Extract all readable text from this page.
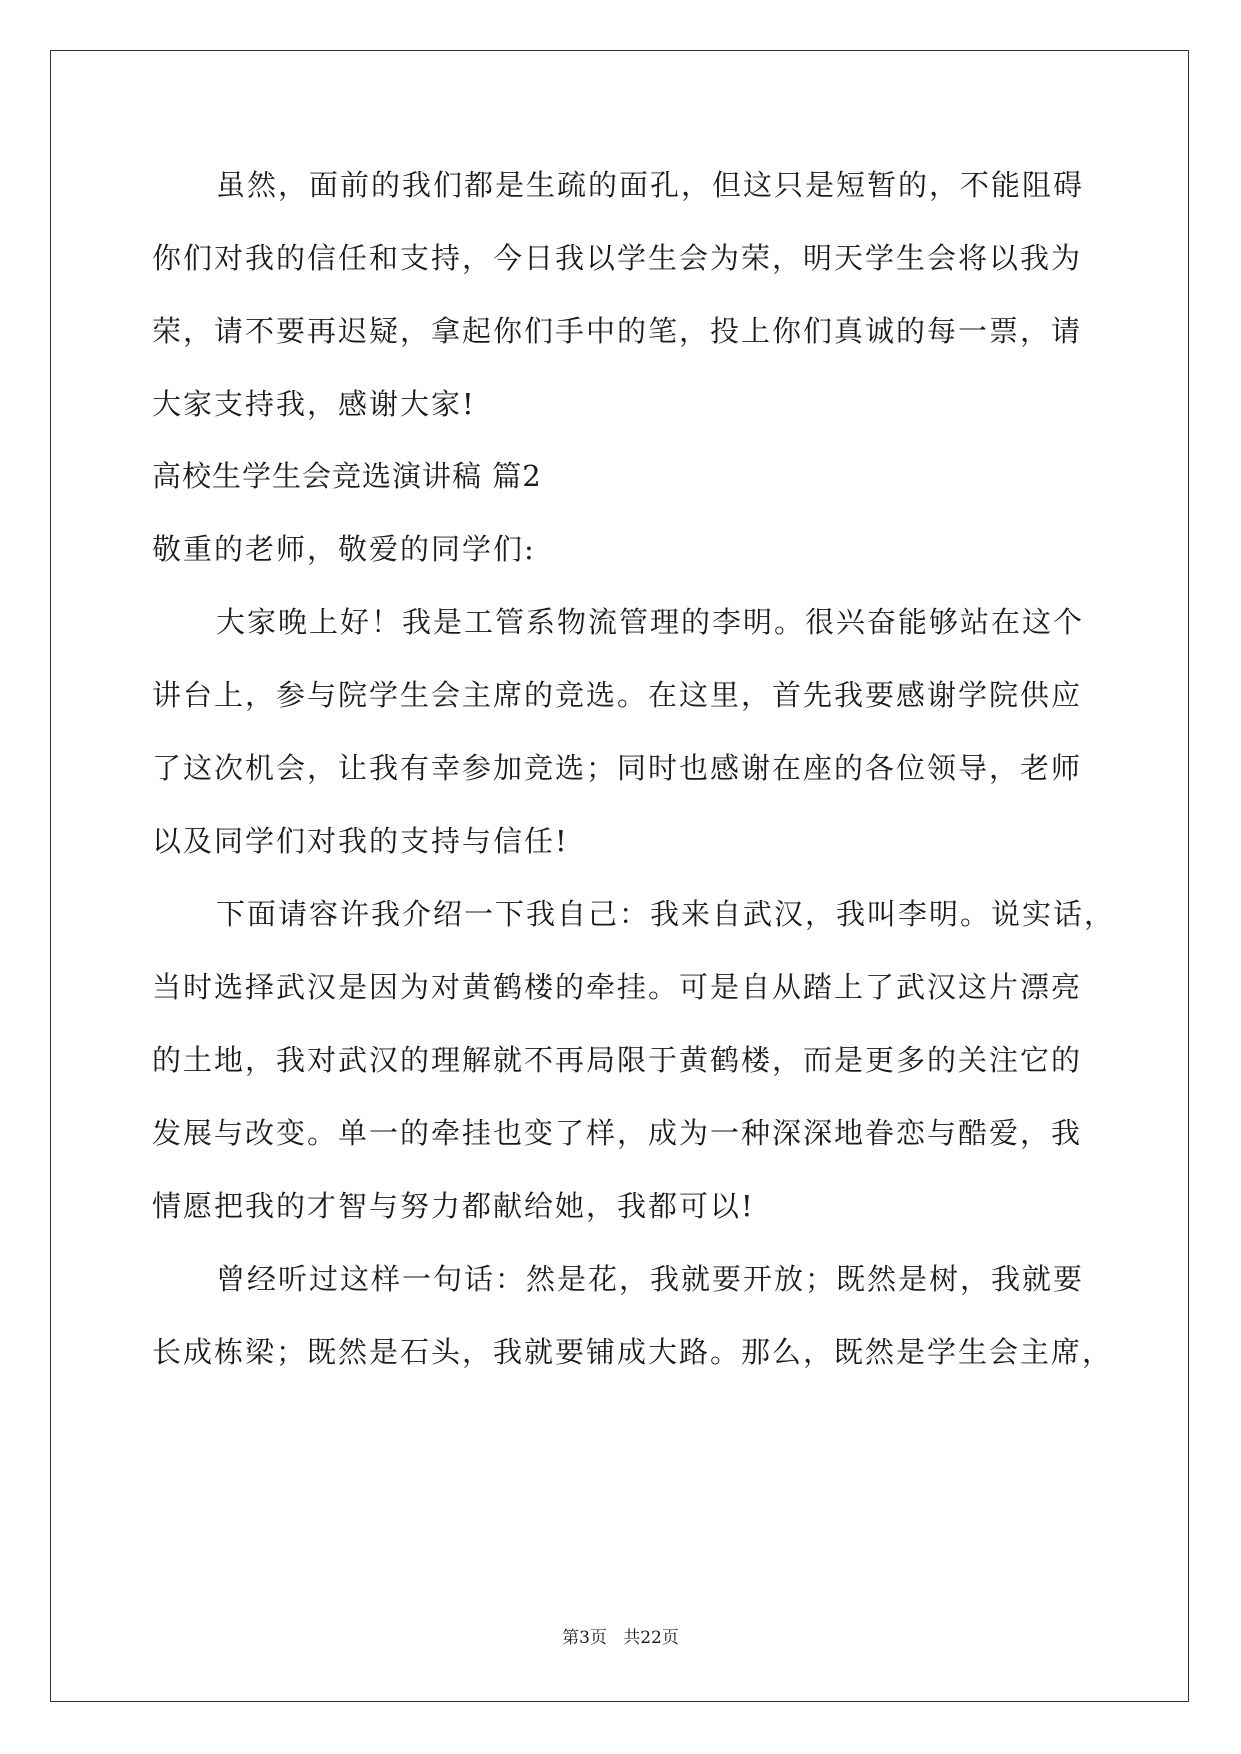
虽然，面前的我们都是生疏的面孔，但这只是短暂的，不能阻碍
你们对我的信任和支持，今日我以学生会为荣，明天学生会将以我为
荣，请不要再迟疑，拿起你们手中的笔，投上你们真诚的每一票，请
大家支持我，感谢大家!
高校生学生会竞选演讲稿 篇2
敬重的老师，敬爱的同学们:
大家晚上好！我是工管系物流管理的李明。很兴奋能够站在这个
讲台上，参与院学生会主席的竞选。在这里，首先我要感谢学院供应
了这次机会，让我有幸参加竞选；同时也感谢在座的各位领导，老师
以及同学们对我的支持与信任!
下面请容许我介绍一下我自己：我来自武汉，我叫李明。说实话，
当时选择武汉是因为对黄鹤楼的牵挂。可是自从踏上了武汉这片漂亮
的土地，我对武汉的理解就不再局限于黄鹤楼，而是更多的关注它的
发展与改变。单一的牵挂也变了样，成为一种深深地眷恋与酷爱，我
情愿把我的才智与努力都献给她，我都可以!
曾经听过这样一句话：然是花，我就要开放；既然是树，我就要
长成栋梁；既然是石头，我就要铺成大路。那么，既然是学生会主席，
第3页 共22页
